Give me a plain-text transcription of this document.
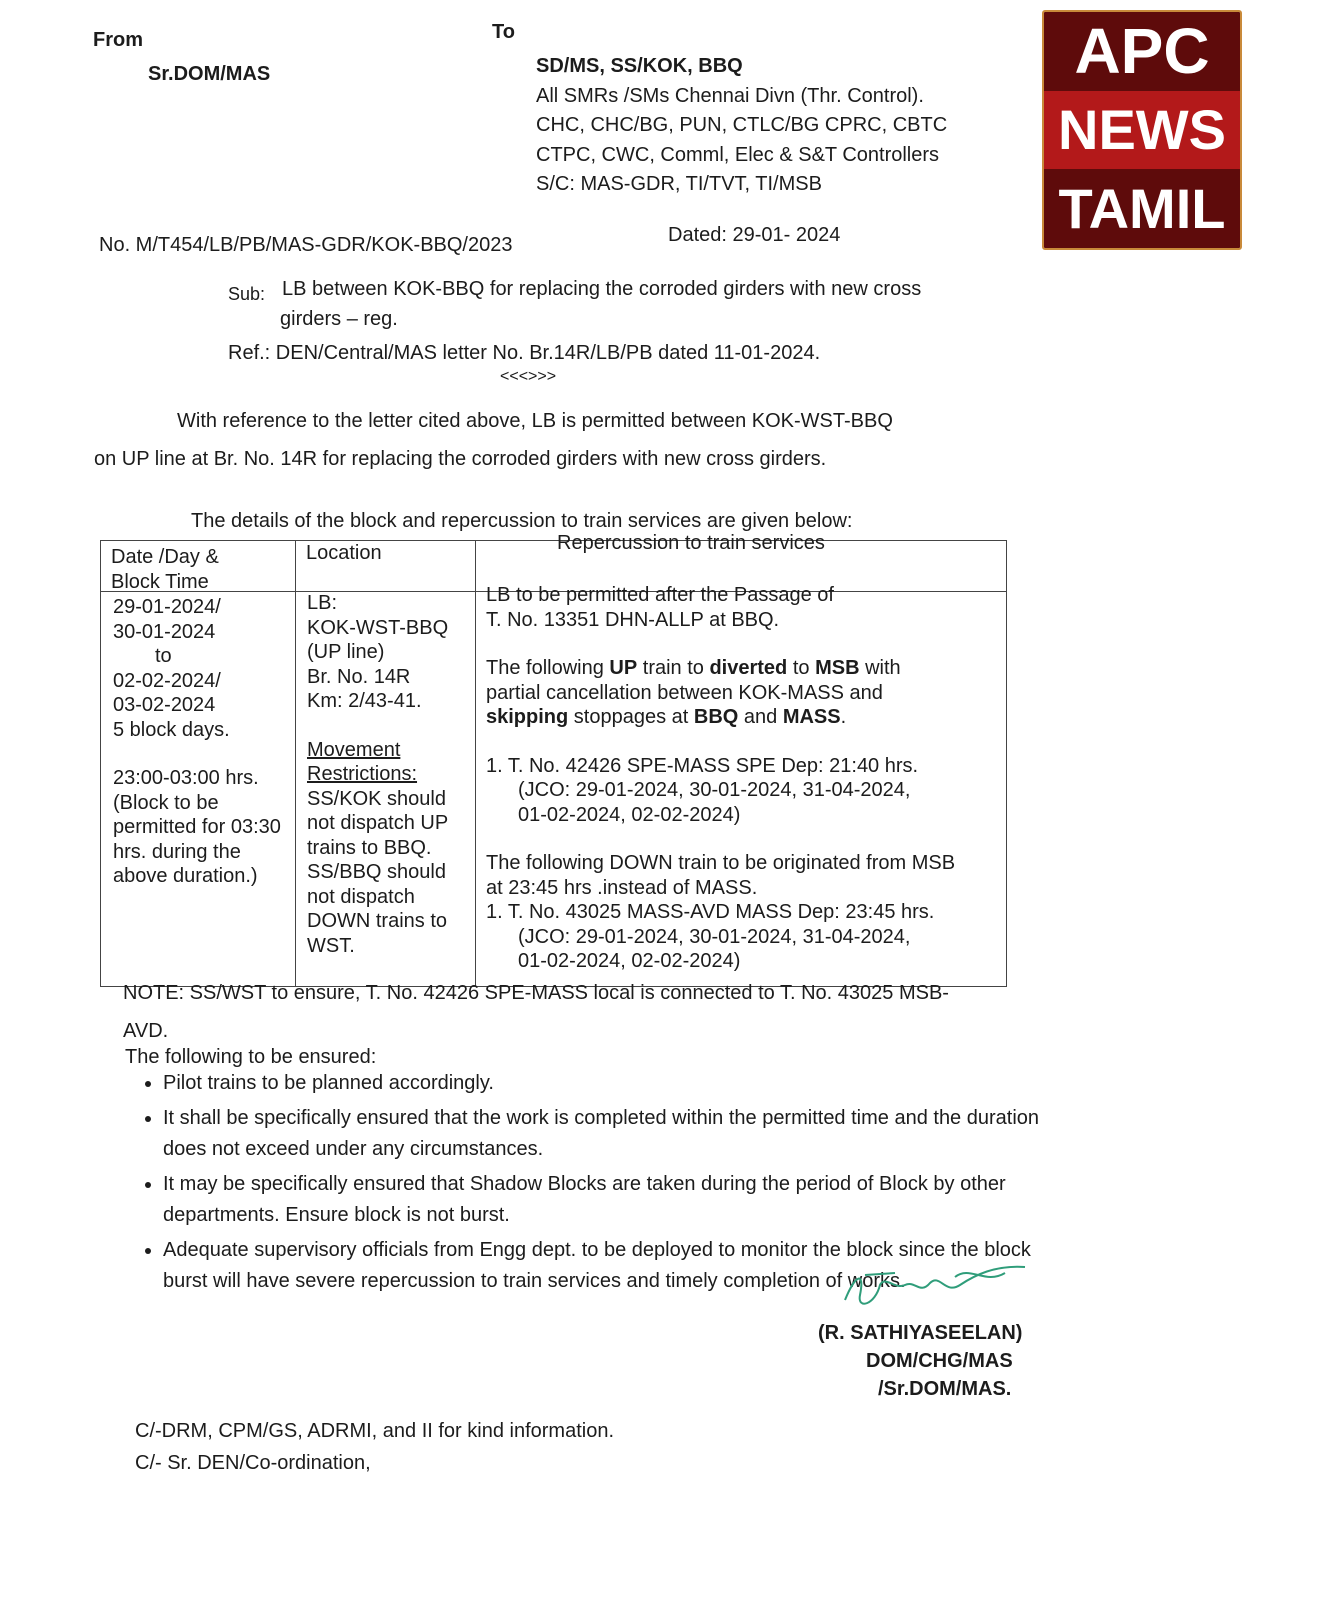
APC
NEWS
TAMIL
From
Sr.DOM/MAS
To
SD/MS, SS/KOK, BBQ
All SMRs /SMs Chennai Divn (Thr. Control).
CHC, CHC/BG, PUN, CTLC/BG CPRC, CBTC
CTPC, CWC, Comml, Elec & S&T Controllers
S/C: MAS-GDR, TI/TVT, TI/MSB
No. M/T454/LB/PB/MAS-GDR/KOK-BBQ/2023	Dated: 29-01- 2024
Sub: LB between KOK-BBQ for replacing the corroded girders with new cross
girders – reg.
Ref.: DEN/Central/MAS letter No. Br.14R/LB/PB dated 11-01-2024.
<<<>>>
With reference to the letter cited above, LB is permitted between KOK-WST-BBQ
on UP line at Br. No. 14R for replacing the corroded girders with new cross girders.
The details of the block and repercussion to train services are given below:
Date /Day &
Block Time
Location	Repercussion to train services
29-01-2024/
30-01-2024
to
02-02-2024/
03-02-2024
5 block days.
23:00-03:00 hrs.
(Block to be
permitted for 03:30
hrs. during the
above duration.)
LB:
KOK-WST-BBQ
(UP line)
Br. No. 14R
Km: 2/43-41.
Movement
Restrictions:
SS/KOK should
not dispatch UP
trains to BBQ.
SS/BBQ should
not dispatch
DOWN trains to
WST.
LB to be permitted after the Passage of
T. No. 13351 DHN-ALLP at BBQ.
The following UP train to diverted to MSB with
partial cancellation between KOK-MASS and
skipping stoppages at BBQ and MASS.
1. T. No. 42426 SPE-MASS SPE Dep: 21:40 hrs.
(JCO: 29-01-2024, 30-01-2024, 31-04-2024,
01-02-2024, 02-02-2024)
The following DOWN train to be originated from MSB
at 23:45 hrs .instead of MASS.
1. T. No. 43025 MASS-AVD MASS Dep: 23:45 hrs.
(JCO: 29-01-2024, 30-01-2024, 31-04-2024,
01-02-2024, 02-02-2024)
NOTE: SS/WST to ensure, T. No. 42426 SPE-MASS local is connected to T. No. 43025 MSB-
AVD.
The following to be ensured:
• Pilot trains to be planned accordingly.
• It shall be specifically ensured that the work is completed within the permitted time and the duration does not exceed under any circumstances.
• It may be specifically ensured that Shadow Blocks are taken during the period of Block by other departments. Ensure block is not burst.
• Adequate supervisory officials from Engg dept. to be deployed to monitor the block since the block burst will have severe repercussion to train services and timely completion of works.
(R. SATHIYASEELAN)
DOM/CHG/MAS
/Sr.DOM/MAS.
C/-DRM, CPM/GS, ADRMI, and II for kind information.
C/- Sr. DEN/Co-ordination,
